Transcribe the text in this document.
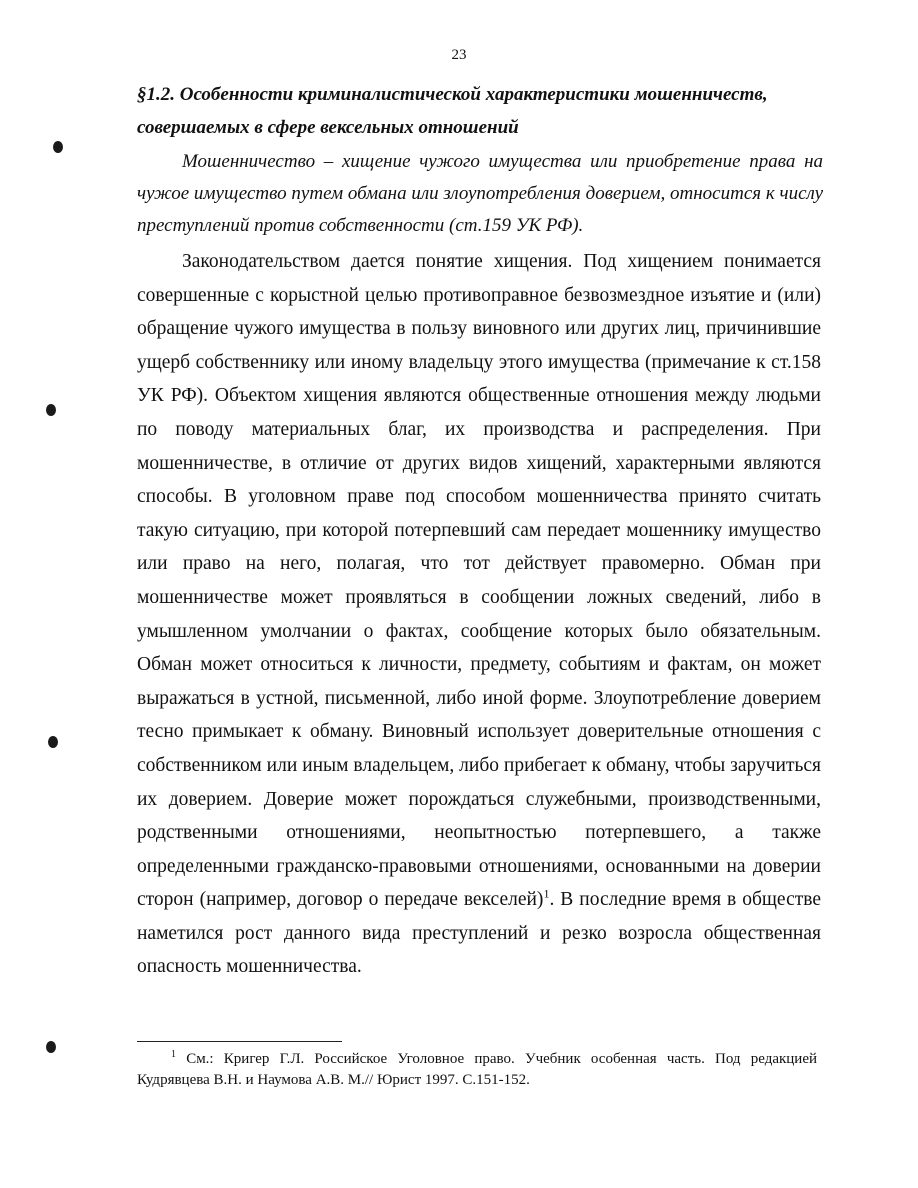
23

§1.2. Особенности криминалистической характеристики мошенничеств, совершаемых в сфере вексельных отношений

Мошенничество – хищение чужого имущества или приобретение права на чужое имущество путем обмана или злоупотребления доверием, относится к числу преступлений против собственности (ст.159 УК РФ).

Законодательством дается понятие хищения. Под хищением понимается совершенные с корыстной целью противоправное безвозмездное изъятие и (или) обращение чужого имущества в пользу виновного или других лиц, причинившие ущерб собственнику или иному владельцу этого имущества (примечание к ст.158 УК РФ). Объектом хищения являются общественные отношения между людьми по поводу материальных благ, их производства и распределения. При мошенничестве, в отличие от других видов хищений, характерными являются способы. В уголовном праве под способом мошенничества принято считать такую ситуацию, при которой потерпевший сам передает мошеннику имущество или право на него, полагая, что тот действует правомерно. Обман при мошенничестве может проявляться в сообщении ложных сведений, либо в умышленном умолчании о фактах, сообщение которых было обязательным. Обман может относиться к личности, предмету, событиям и фактам, он может выражаться в устной, письменной, либо иной форме. Злоупотребление доверием тесно примыкает к обману. Виновный использует доверительные отношения с собственником или иным владельцем, либо прибегает к обману, чтобы заручиться их доверием. Доверие может порождаться служебными, производственными, родственными отношениями, неопытностью потерпевшего, а также определенными гражданско-правовыми отношениями, основанными на доверии сторон (например, договор о передаче векселей)$^1$. В последние время в обществе наметился рост данного вида преступлений и резко возросла общественная опасность мошенничества.

$^1$ См.: Кригер Г.Л. Российское Уголовное право. Учебник особенная часть. Под редакцией Кудрявцева В.Н. и Наумова А.В. М.// Юрист 1997. С.151-152.
